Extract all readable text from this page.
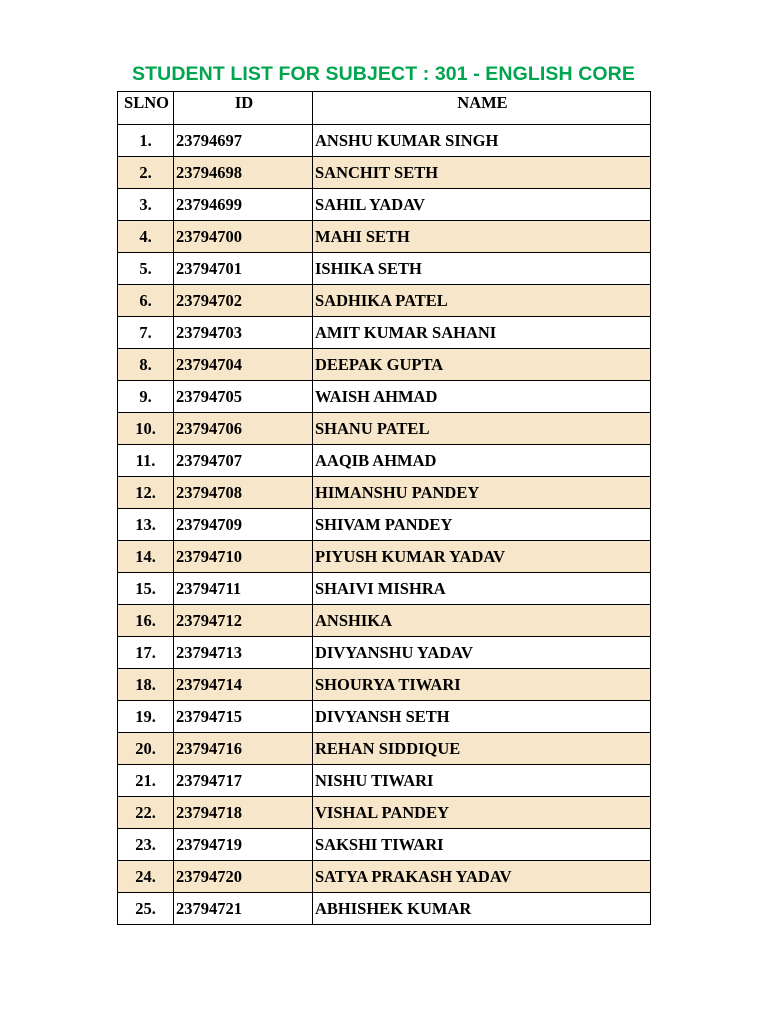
STUDENT LIST FOR SUBJECT : 301 - ENGLISH CORE
SLNO	ID	NAME
1.	23794697	ANSHU KUMAR SINGH
2.	23794698	SANCHIT SETH
3.	23794699	SAHIL YADAV
4.	23794700	MAHI SETH
5.	23794701	ISHIKA SETH
6.	23794702	SADHIKA PATEL
7.	23794703	AMIT KUMAR SAHANI
8.	23794704	DEEPAK GUPTA
9.	23794705	WAISH AHMAD
10.	23794706	SHANU PATEL
11.	23794707	AAQIB AHMAD
12.	23794708	HIMANSHU PANDEY
13.	23794709	SHIVAM PANDEY
14.	23794710	PIYUSH KUMAR YADAV
15.	23794711	SHAIVI MISHRA
16.	23794712	ANSHIKA
17.	23794713	DIVYANSHU YADAV
18.	23794714	SHOURYA TIWARI
19.	23794715	DIVYANSH SETH
20.	23794716	REHAN SIDDIQUE
21.	23794717	NISHU TIWARI
22.	23794718	VISHAL PANDEY
23.	23794719	SAKSHI TIWARI
24.	23794720	SATYA PRAKASH YADAV
25.	23794721	ABHISHEK KUMAR
